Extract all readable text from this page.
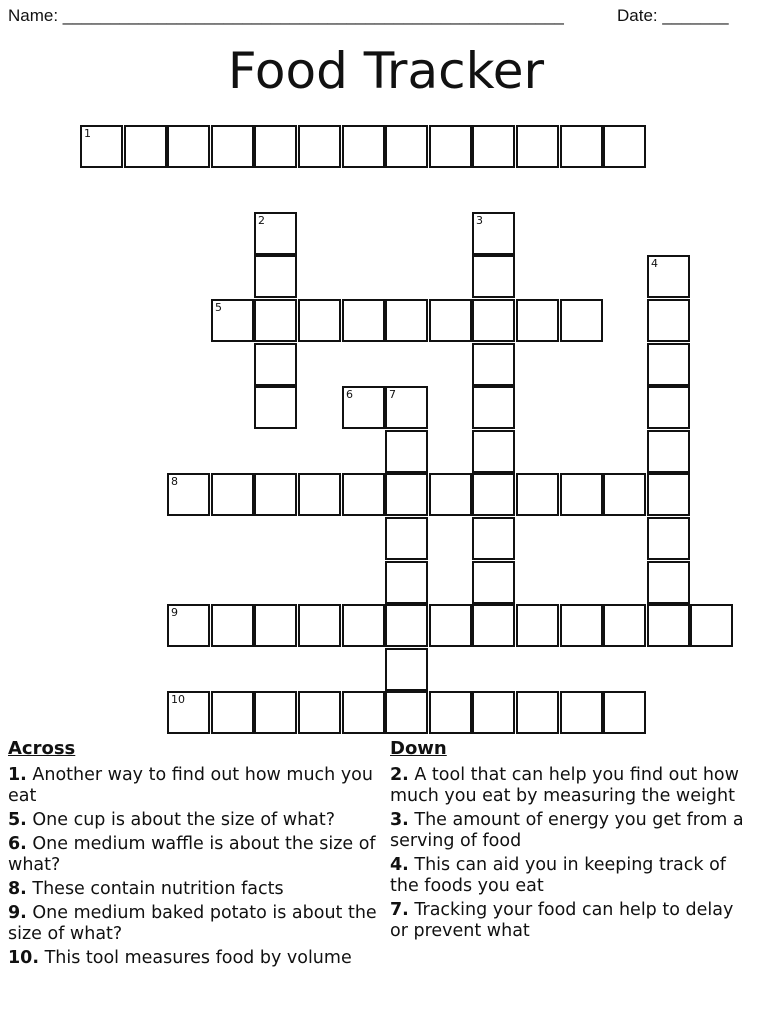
Name: _____________________________________________________	Date: _______
Food Tracker
1
2	3
4
5
6	7
8
9
10
Across
1. Another way to find out how much you eat
5. One cup is about the size of what?
6. One medium waffle is about the size of what?
8. These contain nutrition facts
9. One medium baked potato is about the size of what?
10. This tool measures food by volume
Down
2. A tool that can help you find out how much you eat by measuring the weight
3. The amount of energy you get from a serving of food
4. This can aid you in keeping track of the foods you eat
7. Tracking your food can help to delay or prevent what
